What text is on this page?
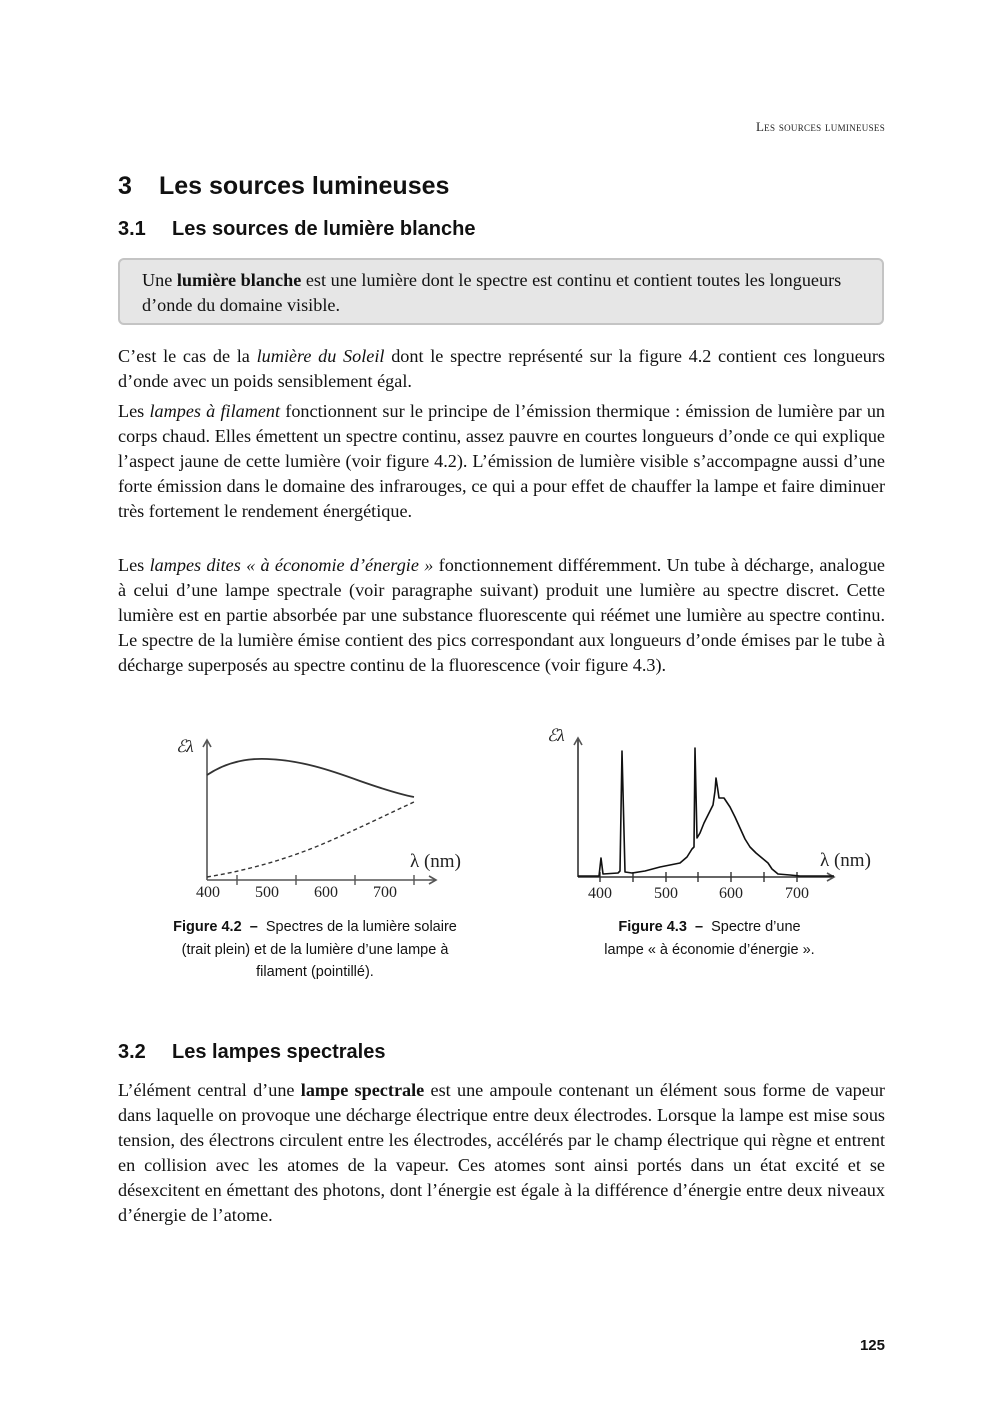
Les sources lumineuses
3 Les sources lumineuses
3.1 Les sources de lumière blanche
Une lumière blanche est une lumière dont le spectre est continu et contient toutes les longueurs d’onde du domaine visible.

C’est le cas de la lumière du Soleil dont le spectre représenté sur la figure 4.2 contient ces longueurs d’onde avec un poids sensiblement égal.

Les lampes à filament fonctionnent sur le principe de l’émission thermique : émission de lumière par un corps chaud. Elles émettent un spectre continu, assez pauvre en courtes longueurs d’onde ce qui explique l’aspect jaune de cette lumière (voir figure 4.2). L’émission de lumière visible s’accompagne aussi d’une forte émission dans le domaine des infrarouges, ce qui a pour effet de chauffer la lampe et faire diminuer très fortement le rendement énergétique.

Les lampes dites « à économie d’énergie » fonctionnement différemment. Un tube à décharge, analogue à celui d’une lampe spectrale (voir paragraphe suivant) produit une lumière au spectre discret. Cette lumière est en partie absorbée par une substance fluorescente qui réémet une lumière au spectre continu. Le spectre de la lumière émise contient des pics correspondant aux longueurs d’onde émises par le tube à décharge superposés au spectre continu de la fluorescence (voir figure 4.3).

ℰλ
λ (nm)
400 500 600 700
ℰλ
λ (nm)
400	500	600	700
Figure 4.2 – Spectres de la lumière solaire (trait plein) et de la lumière d’une lampe à filament (pointillé).
Figure 4.3 – Spectre d’une lampe « à économie d’énergie ».
3.2 Les lampes spectrales

L’élément central d’une lampe spectrale est une ampoule contenant un élément sous forme de vapeur dans laquelle on provoque une décharge électrique entre deux électrodes. Lorsque la lampe est mise sous tension, des électrons circulent entre les électrodes, accélérés par le champ électrique qui règne et entrent en collision avec les atomes de la vapeur. Ces atomes sont ainsi portés dans un état excité et se désexcitent en émettant des photons, dont l’énergie est égale à la différence d’énergie entre deux niveaux d’énergie de l’atome.

125
